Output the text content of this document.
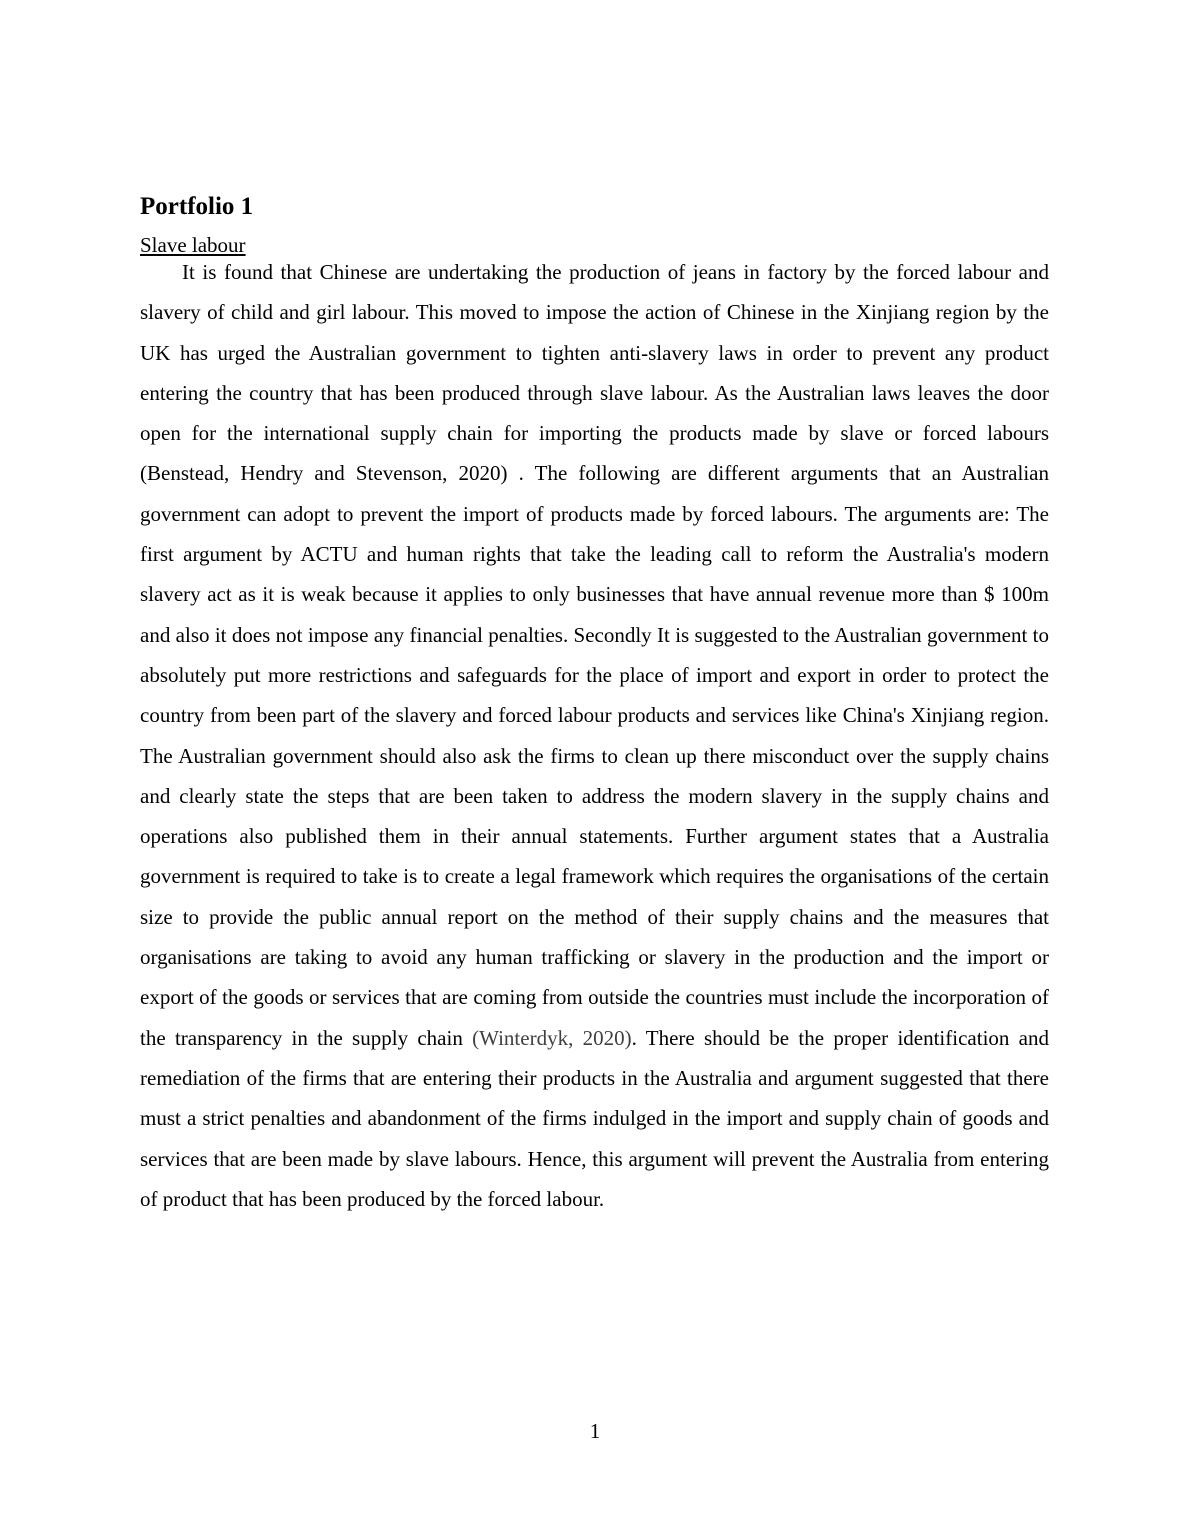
Portfolio 1

Slave labour

It is found that Chinese are undertaking the production of jeans in factory by the forced labour and slavery of child and girl labour. This moved to impose the action of Chinese in the Xinjiang region by the UK has urged the Australian government to tighten anti-slavery laws in order to prevent any product entering the country that has been produced through slave labour. As the Australian laws leaves the door open for the international supply chain for importing the products made by slave or forced labours (Benstead, Hendry and Stevenson, 2020) . The following are different arguments that an Australian government can adopt to prevent the import of products made by forced labours. The arguments are: The first argument by ACTU and human rights that take the leading call to reform the Australia's modern slavery act as it is weak because it applies to only businesses that have annual revenue more than $ 100m and also it does not impose any financial penalties. Secondly It is suggested to the Australian government to absolutely put more restrictions and safeguards for the place of import and export in order to protect the country from been part of the slavery and forced labour products and services like China's Xinjiang region. The Australian government should also ask the firms to clean up there misconduct over the supply chains and clearly state the steps that are been taken to address the modern slavery in the supply chains and operations also published them in their annual statements. Further argument states that a Australia government is required to take is to create a legal framework which requires the organisations of the certain size to provide the public annual report on the method of their supply chains and the measures that organisations are taking to avoid any human trafficking or slavery in the production and the import or export of the goods or services that are coming from outside the countries must include the incorporation of the transparency in the supply chain (Winterdyk, 2020). There should be the proper identification and remediation of the firms that are entering their products in the Australia and argument suggested that there must a strict penalties and abandonment of the firms indulged in the import and supply chain of goods and services that are been made by slave labours. Hence, this argument will prevent the Australia from entering of product that has been produced by the forced labour.

1
